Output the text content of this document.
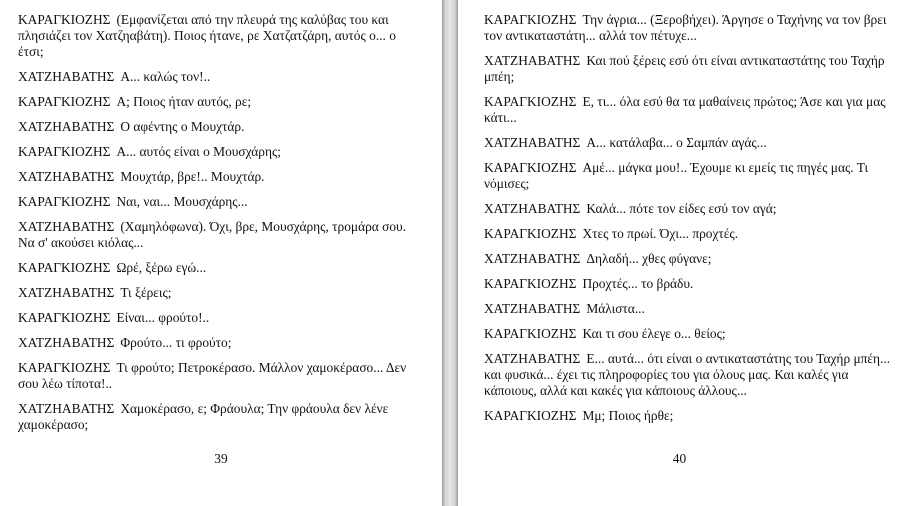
ΚΑΡΑΓΚΙΟΖΗΣ (Εμφανίζεται από την πλευρά της καλύβας του και πλησιάζει τον Χατζηαβάτη). Ποιος ήτανε, ρε Χατζατζάρη, αυτός ο... ο έτσι;

ΧΑΤΖΗΑΒΑΤΗΣ Α... καλώς τον!..

ΚΑΡΑΓΚΙΟΖΗΣ Α; Ποιος ήταν αυτός, ρε;

ΧΑΤΖΗΑΒΑΤΗΣ Ο αφέντης ο Μουχτάρ.

ΚΑΡΑΓΚΙΟΖΗΣ Α... αυτός είναι ο Μουσχάρης;

ΧΑΤΖΗΑΒΑΤΗΣ Μουχτάρ, βρε!.. Μουχτάρ.

ΚΑΡΑΓΚΙΟΖΗΣ Ναι, ναι... Μουσχάρης...

ΧΑΤΖΗΑΒΑΤΗΣ (Χαμηλόφωνα). Όχι, βρε, Μουσχάρης, τρομάρα σου. Να σ' ακούσει κιόλας...

ΚΑΡΑΓΚΙΟΖΗΣ Ωρέ, ξέρω εγώ...

ΧΑΤΖΗΑΒΑΤΗΣ Τι ξέρεις;

ΚΑΡΑΓΚΙΟΖΗΣ Είναι... φρούτο!..

ΧΑΤΖΗΑΒΑΤΗΣ Φρούτο... τι φρούτο;

ΚΑΡΑΓΚΙΟΖΗΣ Τι φρούτο; Πετροκέρασο. Μάλλον χαμοκέρασο... Δεν σου λέω τίποτα!..

ΧΑΤΖΗΑΒΑΤΗΣ Χαμοκέρασο, ε; Φράουλα; Την φράουλα δεν λένε χαμοκέρασο;

39

ΚΑΡΑΓΚΙΟΖΗΣ Την άγρια... (Ξεροβήχει). Άργησε ο Ταχήνης να τον βρει τον αντικαταστάτη... αλλά τον πέτυχε...

ΧΑΤΖΗΑΒΑΤΗΣ Και πού ξέρεις εσύ ότι είναι αντικαταστάτης του Ταχήρ μπέη;

ΚΑΡΑΓΚΙΟΖΗΣ Ε, τι... όλα εσύ θα τα μαθαίνεις πρώτος; Άσε και για μας κάτι...

ΧΑΤΖΗΑΒΑΤΗΣ Α... κατάλαβα... ο Σαμπάν αγάς...

ΚΑΡΑΓΚΙΟΖΗΣ Αμέ... μάγκα μου!.. Έχουμε κι εμείς τις πηγές μας. Τι νόμισες;

ΧΑΤΖΗΑΒΑΤΗΣ Καλά... πότε τον είδες εσύ τον αγά;

ΚΑΡΑΓΚΙΟΖΗΣ Χτες το πρωί. Όχι... προχτές.

ΧΑΤΖΗΑΒΑΤΗΣ Δηλαδή... χθες φύγανε;

ΚΑΡΑΓΚΙΟΖΗΣ Προχτές... το βράδυ.

ΧΑΤΖΗΑΒΑΤΗΣ Μάλιστα...

ΚΑΡΑΓΚΙΟΖΗΣ Και τι σου έλεγε ο... θείος;

ΧΑΤΖΗΑΒΑΤΗΣ Ε... αυτά... ότι είναι ο αντικαταστάτης του Ταχήρ μπέη... και φυσικά... έχει τις πληροφορίες του για όλους μας. Και καλές για κάποιους, αλλά και κακές για κάποιους άλλους...

ΚΑΡΑΓΚΙΟΖΗΣ Μμ; Ποιος ήρθε;

40
